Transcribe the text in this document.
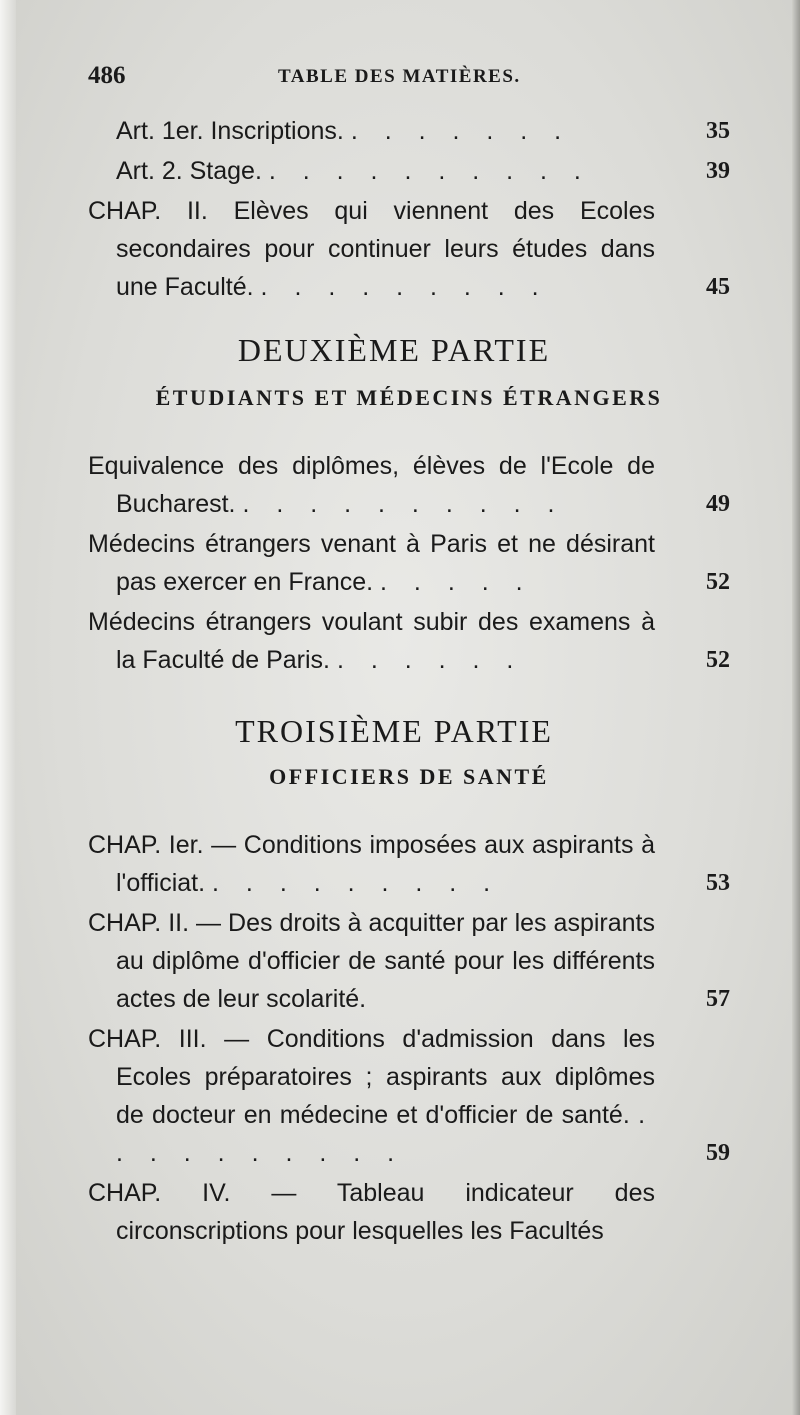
486	TABLE DES MATIÈRES.
Art. 1er. Inscriptions. . . . . . . .	35
Art. 2. Stage. . . . . . . . . . .	39
CHAP. II. Elèves qui viennent des Ecoles secondaires pour continuer leurs études dans une Faculté. . . . . . . . . .	45
DEUXIÈME PARTIE
ÉTUDIANTS ET MÉDECINS ÉTRANGERS
Equivalence des diplômes, élèves de l'Ecole de Bucharest. . . . . . . . . . .	49
Médecins étrangers venant à Paris et ne désirant pas exercer en France. . . . . .	52
Médecins étrangers voulant subir des examens à la Faculté de Paris. . . . . . .	52
TROISIÈME PARTIE
OFFICIERS DE SANTÉ
CHAP. Ier. — Conditions imposées aux aspirants à l'officiat. . . . . . . . . .	53
CHAP. II. — Des droits à acquitter par les aspirants au diplôme d'officier de santé pour les différents actes de leur scolarité.	57
CHAP. III. — Conditions d'admission dans les Ecoles préparatoires ; aspirants aux diplômes de docteur en médecine et d'officier de santé. . . . . . . . . . .	59
CHAP. IV. — Tableau indicateur des circonscriptions pour lesquelles les Facultés
